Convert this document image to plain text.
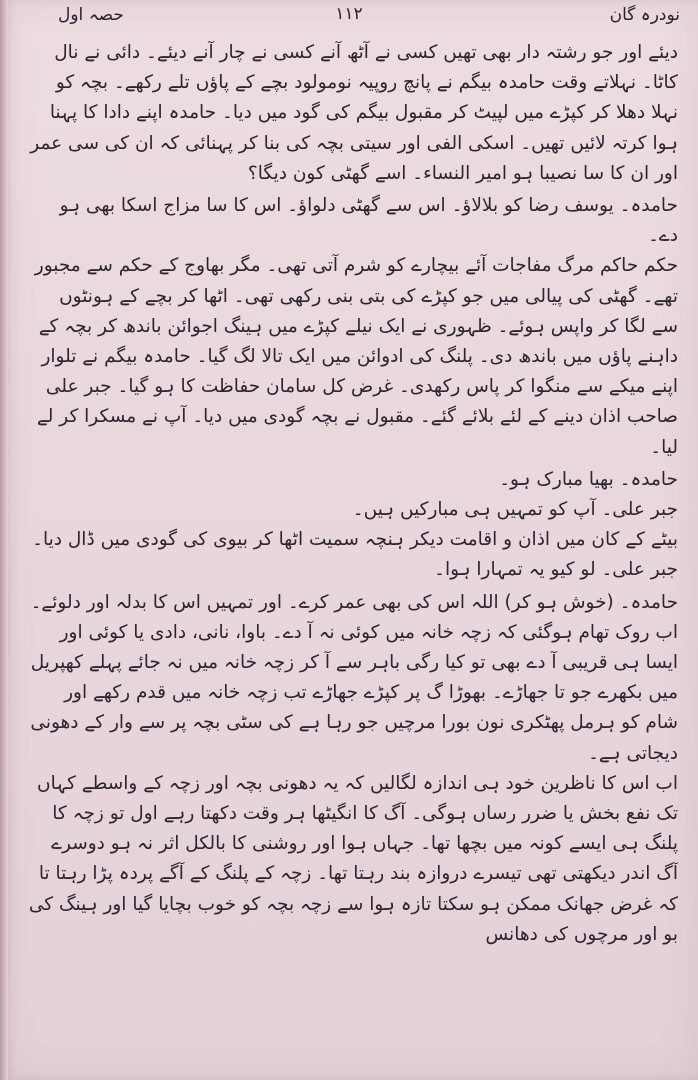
نودرہ گان
۱۱۲
حصہ اول

دیئے اور جو رشتہ دار بھی تھیں کسی نے آٹھ آنے کسی نے چار آنے دیئے۔ دائی نے نال کاٹا۔ نہلاتے وقت حامدہ بیگم نے پانچ روپیہ نومولود بچے کے پاؤں تلے رکھے۔ بچہ کو نہلا دھلا کر کپڑے میں لپیٹ کر مقبول بیگم کی گود میں دیا۔ حامدہ اپنے دادا کا پہنا ہوا کرتہ لائیں تھیں۔ اسکی الفی اور سیتی بچہ کی بنا کر پہنائی کہ ان کی سی عمر اور ان کا سا نصیبا ہو امیر النساء۔ اسے گھٹی کون دیگا؟

حامدہ۔ یوسف رضا کو بلالاؤ۔ اس سے گھٹی دلواؤ۔ اس کا سا مزاج اسکا بھی ہو دے۔

حکم حاکم مرگ مفاجات آئے بیچارے کو شرم آتی تھی۔ مگر بھاوج کے حکم سے مجبور تھے۔ گھٹی کی پیالی میں جو کپڑے کی بتی بنی رکھی تھی۔ اٹھا کر بچے کے ہونٹوں سے لگا کر واپس ہوئے۔ ظہوری نے ایک نیلے کپڑے میں ہینگ اجوائن باندھ کر بچہ کے داہنے پاؤں میں باندھ دی۔ پلنگ کی ادوائن میں ایک تالا لگ گیا۔ حامدہ بیگم نے تلوار اپنے میکے سے منگوا کر پاس رکھدی۔ غرض کل سامان حفاظت کا ہو گیا۔ جبر علی صاحب اذان دینے کے لئے بلائے گئے۔ مقبول نے بچہ گودی میں دیا۔ آپ نے مسکرا کر لے لیا۔

حامدہ۔ بھیا مبارک ہو۔

جبر علی۔ آپ کو تمہیں ہی مبارکیں ہیں۔

بیٹے کے کان میں اذان و اقامت دیکر ہنچہ سمیت اٹھا کر بیوی کی گودی میں ڈال دیا۔

جبر علی۔ لو کیو یہ تمہارا ہوا۔

حامدہ۔ (خوش ہو کر) اللہ اس کی بھی عمر کرے۔ اور تمہیں اس کا بدلہ اور دلوئے۔

اب روک تھام ہوگئی کہ زچہ خانہ میں کوئی نہ آ دے۔ باوا، نانی، دادی یا کوئی اور ایسا ہی قریبی آ دے بھی تو کیا رگی باہر سے آ کر زچہ خانہ میں نہ جائے پہلے کھپریل میں بکھرے جو تا جھاڑے۔ بھوڑا گ پر کپڑے جھاڑے تب زچہ خانہ میں قدم رکھے اور شام کو ہرمل پھٹکری نون بورا مرچیں جو رہا ہے کی سٹی بچہ پر سے وار کے دھونی دیجاتی ہے۔

اب اس کا ناظرین خود ہی اندازہ لگالیں کہ یہ دھونی بچہ اور زچہ کے واسطے کہاں تک نفع بخش یا ضرر رساں ہوگی۔ آگ کا انگیٹھا ہر وقت دکھتا رہے اول تو زچہ کا پلنگ ہی ایسے کونہ میں بچھا تھا۔ جہاں ہوا اور روشنی کا بالکل اثر نہ ہو دوسرے آگ اندر دیکھتی تھی تیسرے دروازہ بند رہتا تھا۔ زچہ کے پلنگ کے آگے پردہ پڑا رہتا تا کہ غرض جھانک ممکن ہو سکتا تازہ ہوا سے زچہ بچہ کو خوب بچایا گیا اور ہینگ کی بو اور مرچوں کی دھانس
